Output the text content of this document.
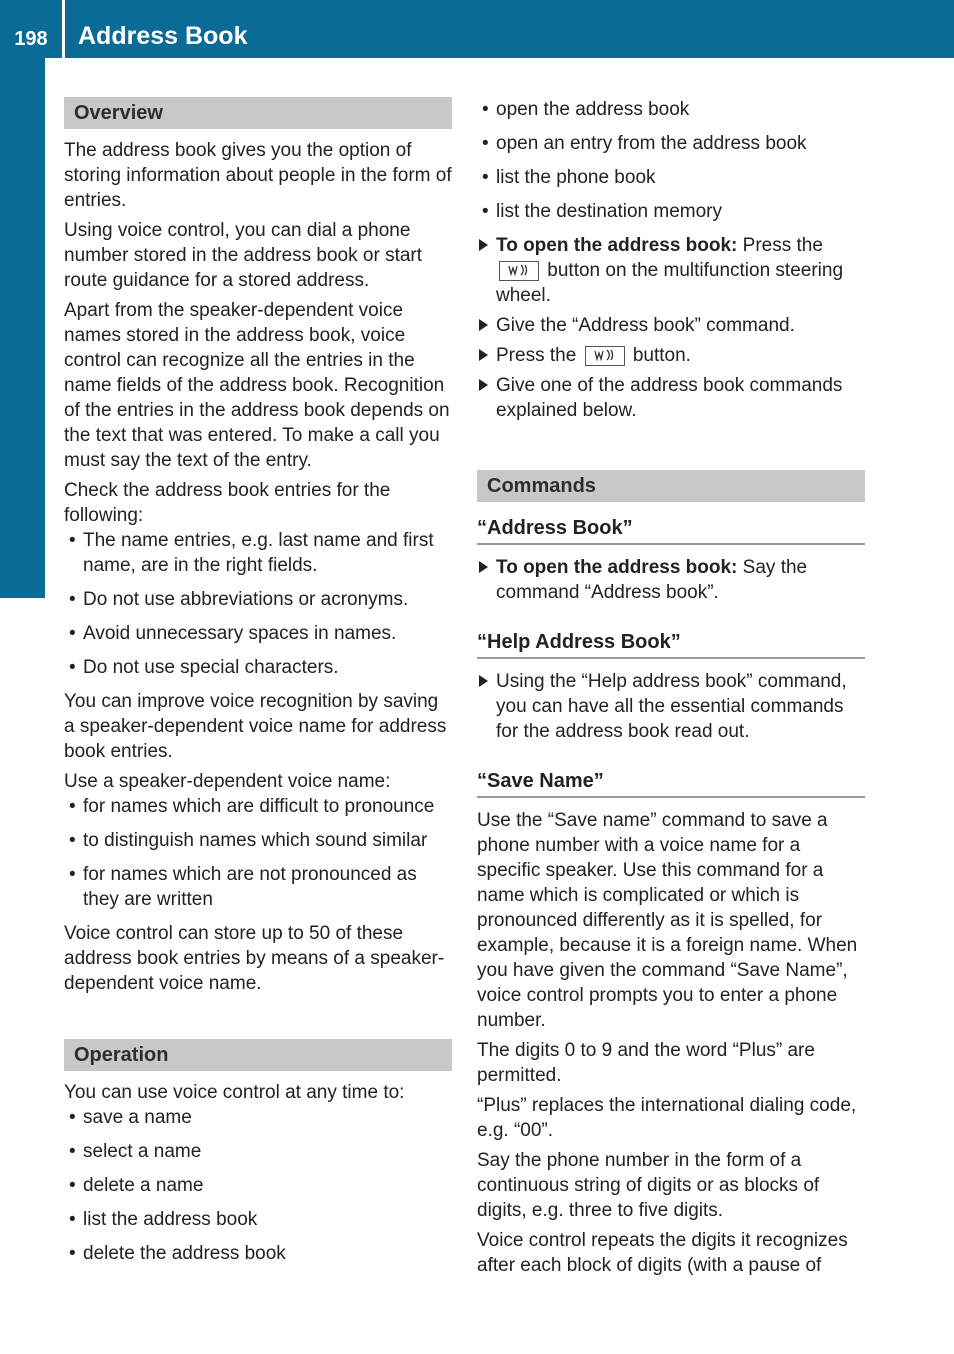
198	Address Book
Voice Control
Overview

The address book gives you the option of storing information about people in the form of entries.

Using voice control, you can dial a phone number stored in the address book or start route guidance for a stored address.

Apart from the speaker-dependent voice names stored in the address book, voice control can recognize all the entries in the name fields of the address book. Recognition of the entries in the address book depends on the text that was entered. To make a call you must say the text of the entry.

Check the address book entries for the following:

• The name entries, e.g. last name and first name, are in the right fields.
• Do not use abbreviations or acronyms.
• Avoid unnecessary spaces in names.
• Do not use special characters.

You can improve voice recognition by saving a speaker-dependent voice name for address book entries.

Use a speaker-dependent voice name:

• for names which are difficult to pronounce
• to distinguish names which sound similar
• for names which are not pronounced as they are written

Voice control can store up to 50 of these address book entries by means of a speaker-dependent voice name.

Operation

You can use voice control at any time to:

• save a name
• select a name
• delete a name
• list the address book
• delete the address book
• open the address book
• open an entry from the address book
• list the phone book
• list the destination memory
To open the address book: Press the  button on the multifunction steering wheel.
Give the “Address book” command.
Press the	button.
Give one of the address book commands explained below.
Commands
“Address Book”
To open the address book: Say the command “Address book”.
“Help Address Book”
Using the “Help address book” command, you can have all the essential commands for the address book read out.
“Save Name”

Use the “Save name” command to save a phone number with a voice name for a specific speaker. Use this command for a name which is complicated or which is pronounced differently as it is spelled, for example, because it is a foreign name. When you have given the command “Save Name”, voice control prompts you to enter a phone number.

The digits 0 to 9 and the word “Plus” are permitted.

“Plus” replaces the international dialing code, e.g. “00”.

Say the phone number in the form of a continuous string of digits or as blocks of digits, e.g. three to five digits.

Voice control repeats the digits it recognizes after each block of digits (with a pause of
